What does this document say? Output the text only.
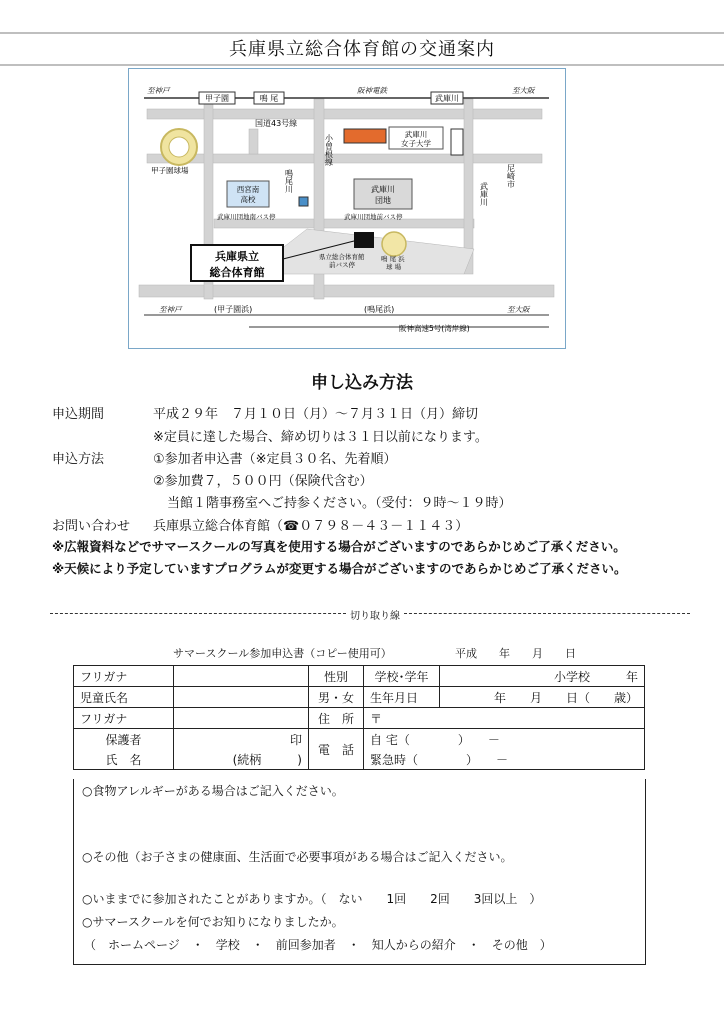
兵庫県立総合体育館の交通案内
甲子園	鳴 尾	武庫川
至神戸	阪神電鉄	至大阪
国道43号線
小曽根線
鳴尾川
武庫川
尼崎市
甲子園球場
武庫川
女子大学
西宮南
高校
武庫川
団地
武庫川団地南バス停	武庫川団地前バス停
兵庫県立
総合体育館
県立総合体育館
前バス停
鳴 尾 浜
球 場
至神戸	(甲子園浜)	(鳴尾浜)	至大阪
阪神高速5号(湾岸線)
申し込み方法
申込期間	平成２９年　７月１０日（月）～７月３１日（月）締切
※定員に達した場合、締め切りは３１日以前になります。
申込方法	①参加者申込書（※定員３０名、先着順）
②参加費７，５００円（保険代含む）
当館１階事務室へご持参ください。（受付：９時～１９時）
お問い合わせ 兵庫県立総合体育館（☎０７９８－４３－１１４３）
※広報資料などでサマースクールの写真を使用する場合がございますのであらかじめご了承ください。
※天候により予定していますプログラムが変更する場合がございますのであらかじめご了承ください。
切り取り線
サマースクール参加申込書（コピー使用可）	平成　　年　　月　　日
フリガナ		性別	学校･学年	小学校　　　年
児童氏名		男・女	生年月日	年　　月　　日（　　歳）
フリガナ		住　所	〒	
保護者	印	電　話	自 宅（　　　　）　　－	
氏　名	(続柄　　　)		緊急時（　　　　）　　－	
○食物アレルギーがある場合はご記入ください。
○その他（お子さまの健康面、生活面で必要事項がある場合はご記入ください。
○いままでに参加されたことがありますか。（　ない　　1回　　2回　　3回以上　）
○サマースクールを何でお知りになりましたか。
（　ホームページ　・　学校　・　前回参加者　・　知人からの紹介　・　その他　）
